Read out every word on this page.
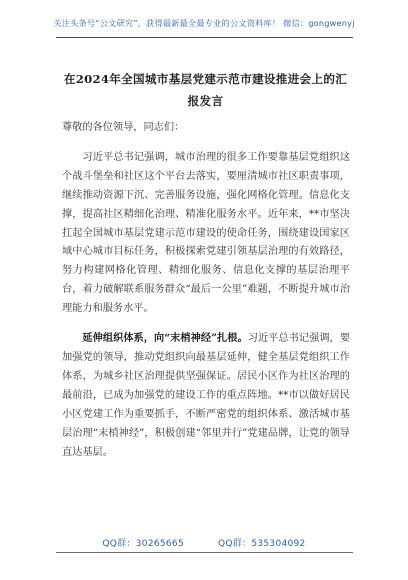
关注头条号“公文研究”，获得最新最全最专业的公文资料库！ 微信：gongwenyj
在2024年全国城市基层党建示范市建设推进会上的汇报发言

尊敬的各位领导，同志们：

习近平总书记强调，城市治理的很多工作要靠基层党组织这个战斗堡垒和社区这个平台去落实，要厘清城市社区职责事项，继续推动资源下沉、完善服务设施，强化网格化管理。信息化支撑，提高社区精细化治理、精准化服务水平。近年来，**市坚决扛起全国城市基层党建示范市建设的使命任务，围绕建设国家区域中心城市目标任务，积极探索党建引领基层治理的有效路径，努力构建网格化管理、精细化服务、信息化支撑的基层治理平台，着力破解联系服务群众“最后一公里”难题，不断提升城市治理能力和服务水平。

延伸组织体系，向“末梢神经”扎根。习近平总书记强调，要加强党的领导，推动党组织向最基层延伸，健全基层党组织工作体系，为城乡社区治理提供坚强保证。居民小区作为社区治理的最前沿，已成为加强党的建设工作的重点阵地。**市以做好居民小区党建工作为重要抓手，不断严密党的组织体系、激活城市基层治理“末梢神经”，积极创建“邻里并行”党建品牌，让党的领导直达基层。

QQ群：30265665	QQ群：535304092
